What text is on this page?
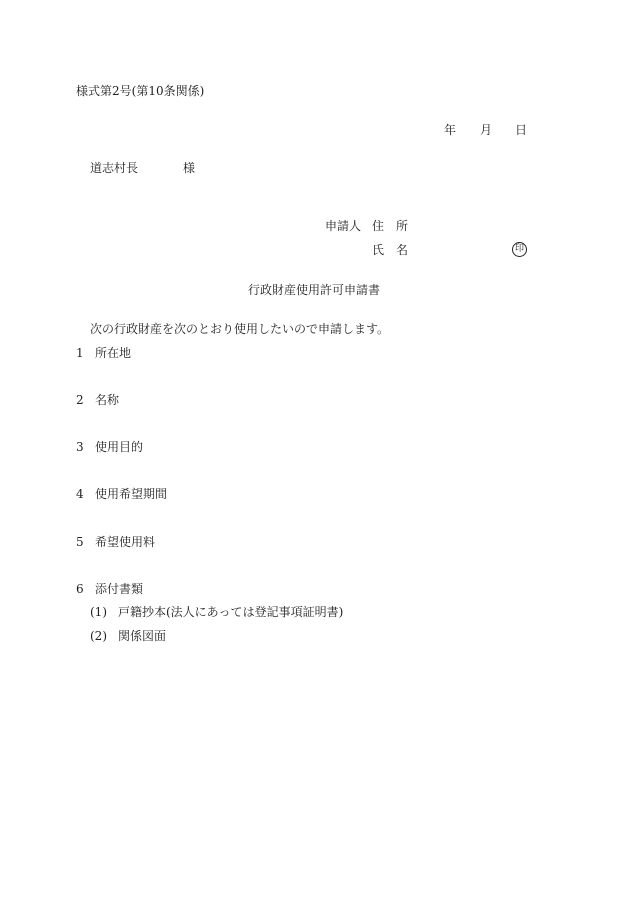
様式第2号(第10条関係)
年 月 日
道志村長	様
申請人 住 所
氏 名	印
行政財産使用許可申請書
次の行政財産を次のとおり使用したいので申請します。
1 所在地
2 名称
3 使用目的
4 使用希望期間
5 希望使用料
6 添付書類
(1) 戸籍抄本(法人にあっては登記事項証明書)
(2) 関係図面
